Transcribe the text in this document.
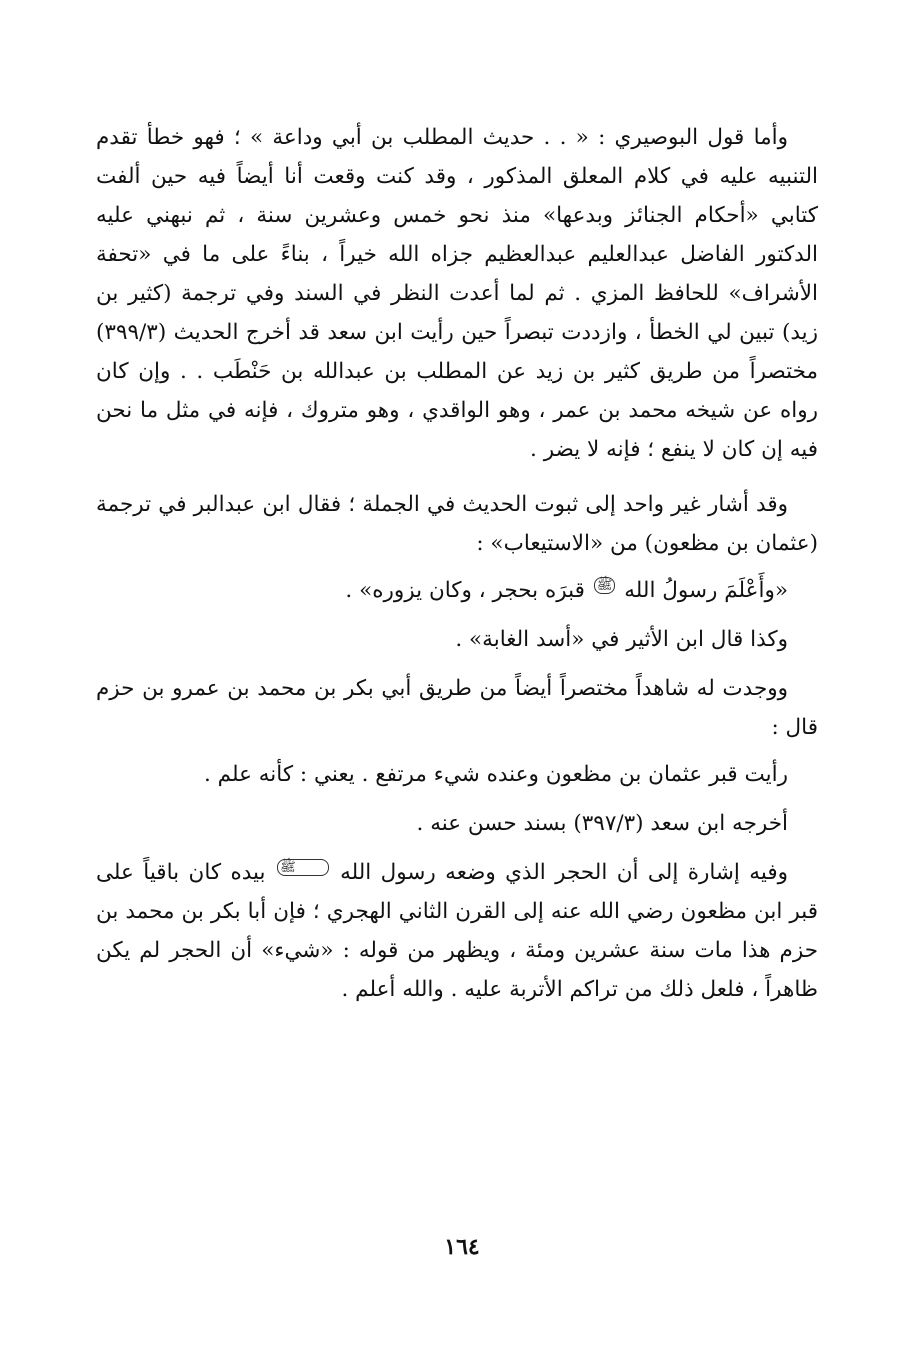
وأما قول البوصيري : « . . حديث المطلب بن أبي وداعة » ؛ فهو خطأ تقدم التنبيه عليه في كلام المعلق المذكور ، وقد كنت وقعت أنا أيضاً فيه حين ألفت كتابي «أحكام الجنائز وبدعها» منذ نحو خمس وعشرين سنة ، ثم نبهني عليه الدكتور الفاضل عبدالعليم عبدالعظيم جزاه الله خيراً ، بناءً على ما في «تحفة الأشراف» للحافظ المزي . ثم لما أعدت النظر في السند وفي ترجمة (كثير بن زيد) تبين لي الخطأ ، وازددت تبصراً حين رأيت ابن سعد قد أخرج الحديث (٣٩٩/٣) مختصراً من طريق كثير بن زيد عن المطلب بن عبدالله بن حَنْطَب . . وإن كان رواه عن شيخه محمد بن عمر ، وهو الواقدي ، وهو متروك ، فإنه في مثل ما نحن فيه إن كان لا ينفع ؛ فإنه لا يضر .

وقد أشار غير واحد إلى ثبوت الحديث في الجملة ؛ فقال ابن عبدالبر في ترجمة (عثمان بن مظعون) من «الاستيعاب» :

«وأَعْلَمَ رسولُ الله ﷺ قبرَه بحجر ، وكان يزوره» .

وكذا قال ابن الأثير في «أسد الغابة» .

ووجدت له شاهداً مختصراً أيضاً من طريق أبي بكر بن محمد بن عمرو بن حزم قال :

رأيت قبر عثمان بن مظعون وعنده شيء مرتفع . يعني : كأنه علم .

أخرجه ابن سعد (٣٩٧/٣) بسند حسن عنه .

وفيه إشارة إلى أن الحجر الذي وضعه رسول الله ﷺ بيده كان باقياً على قبر ابن مظعون رضي الله عنه إلى القرن الثاني الهجري ؛ فإن أبا بكر بن محمد بن حزم هذا مات سنة عشرين ومئة ، ويظهر من قوله : «شيء» أن الحجر لم يكن ظاهراً ، فلعل ذلك من تراكم الأتربة عليه . والله أعلم .

١٦٤
